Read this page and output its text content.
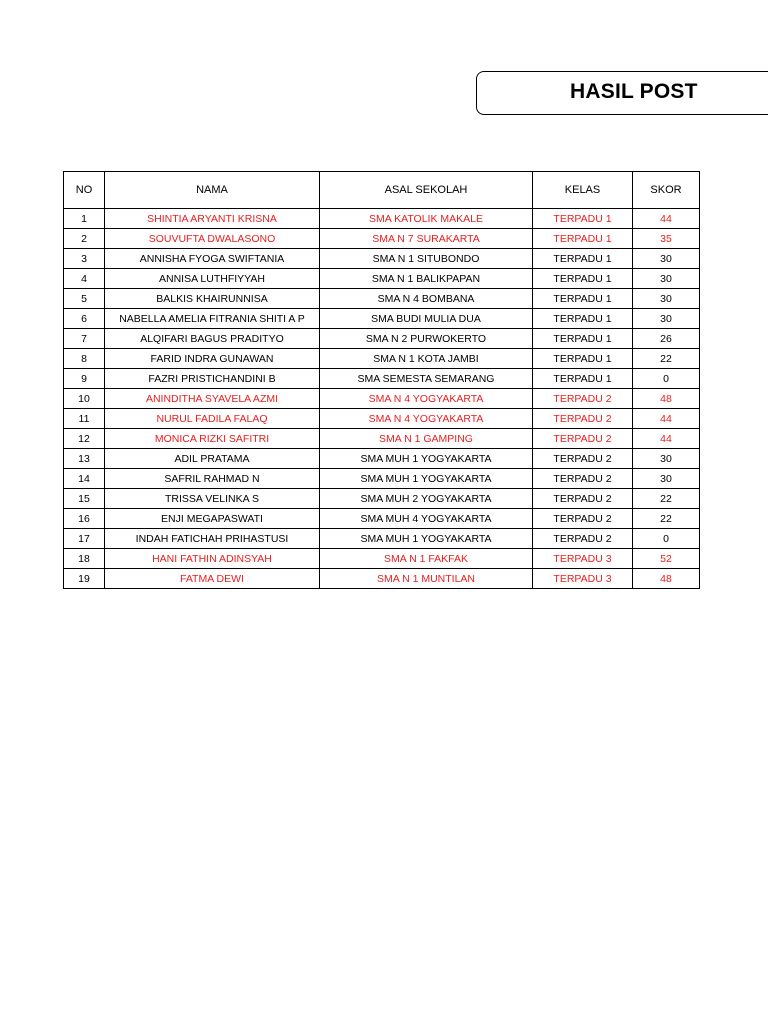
HASIL POST
NO	NAMA	ASAL SEKOLAH	KELAS	SKOR
1	SHINTIA ARYANTI KRISNA	SMA KATOLIK MAKALE	TERPADU 1	44
2	SOUVUFTA DWALASONO	SMA N 7 SURAKARTA	TERPADU 1	35
3	ANNISHA FYOGA SWIFTANIA	SMA N 1 SITUBONDO	TERPADU 1	30
4	ANNISA LUTHFIYYAH	SMA N 1 BALIKPAPAN	TERPADU 1	30
5	BALKIS KHAIRUNNISA	SMA N 4 BOMBANA	TERPADU 1	30
6	NABELLA AMELIA FITRANIA SHITI A P	SMA BUDI MULIA DUA	TERPADU 1	30
7	ALQIFARI BAGUS PRADITYO	SMA N 2 PURWOKERTO	TERPADU 1	26
8	FARID INDRA GUNAWAN	SMA N 1 KOTA JAMBI	TERPADU 1	22
9	FAZRI PRISTICHANDINI B	SMA SEMESTA SEMARANG	TERPADU 1	0
10	ANINDITHA SYAVELA AZMI	SMA N 4 YOGYAKARTA	TERPADU 2	48
11	NURUL FADILA FALAQ	SMA N 4 YOGYAKARTA	TERPADU 2	44
12	MONICA RIZKI SAFITRI	SMA N 1 GAMPING	TERPADU 2	44
13	ADIL PRATAMA	SMA MUH 1 YOGYAKARTA	TERPADU 2	30
14	SAFRIL RAHMAD N	SMA MUH 1 YOGYAKARTA	TERPADU 2	30
15	TRISSA VELINKA S	SMA MUH 2 YOGYAKARTA	TERPADU 2	22
16	ENJI MEGAPASWATI	SMA MUH 4 YOGYAKARTA	TERPADU 2	22
17	INDAH FATICHAH PRIHASTUSI	SMA MUH 1 YOGYAKARTA	TERPADU 2	0
18	HANI FATHIN ADINSYAH	SMA N 1 FAKFAK	TERPADU 3	52
19	FATMA DEWI	SMA N 1 MUNTILAN	TERPADU 3	48
